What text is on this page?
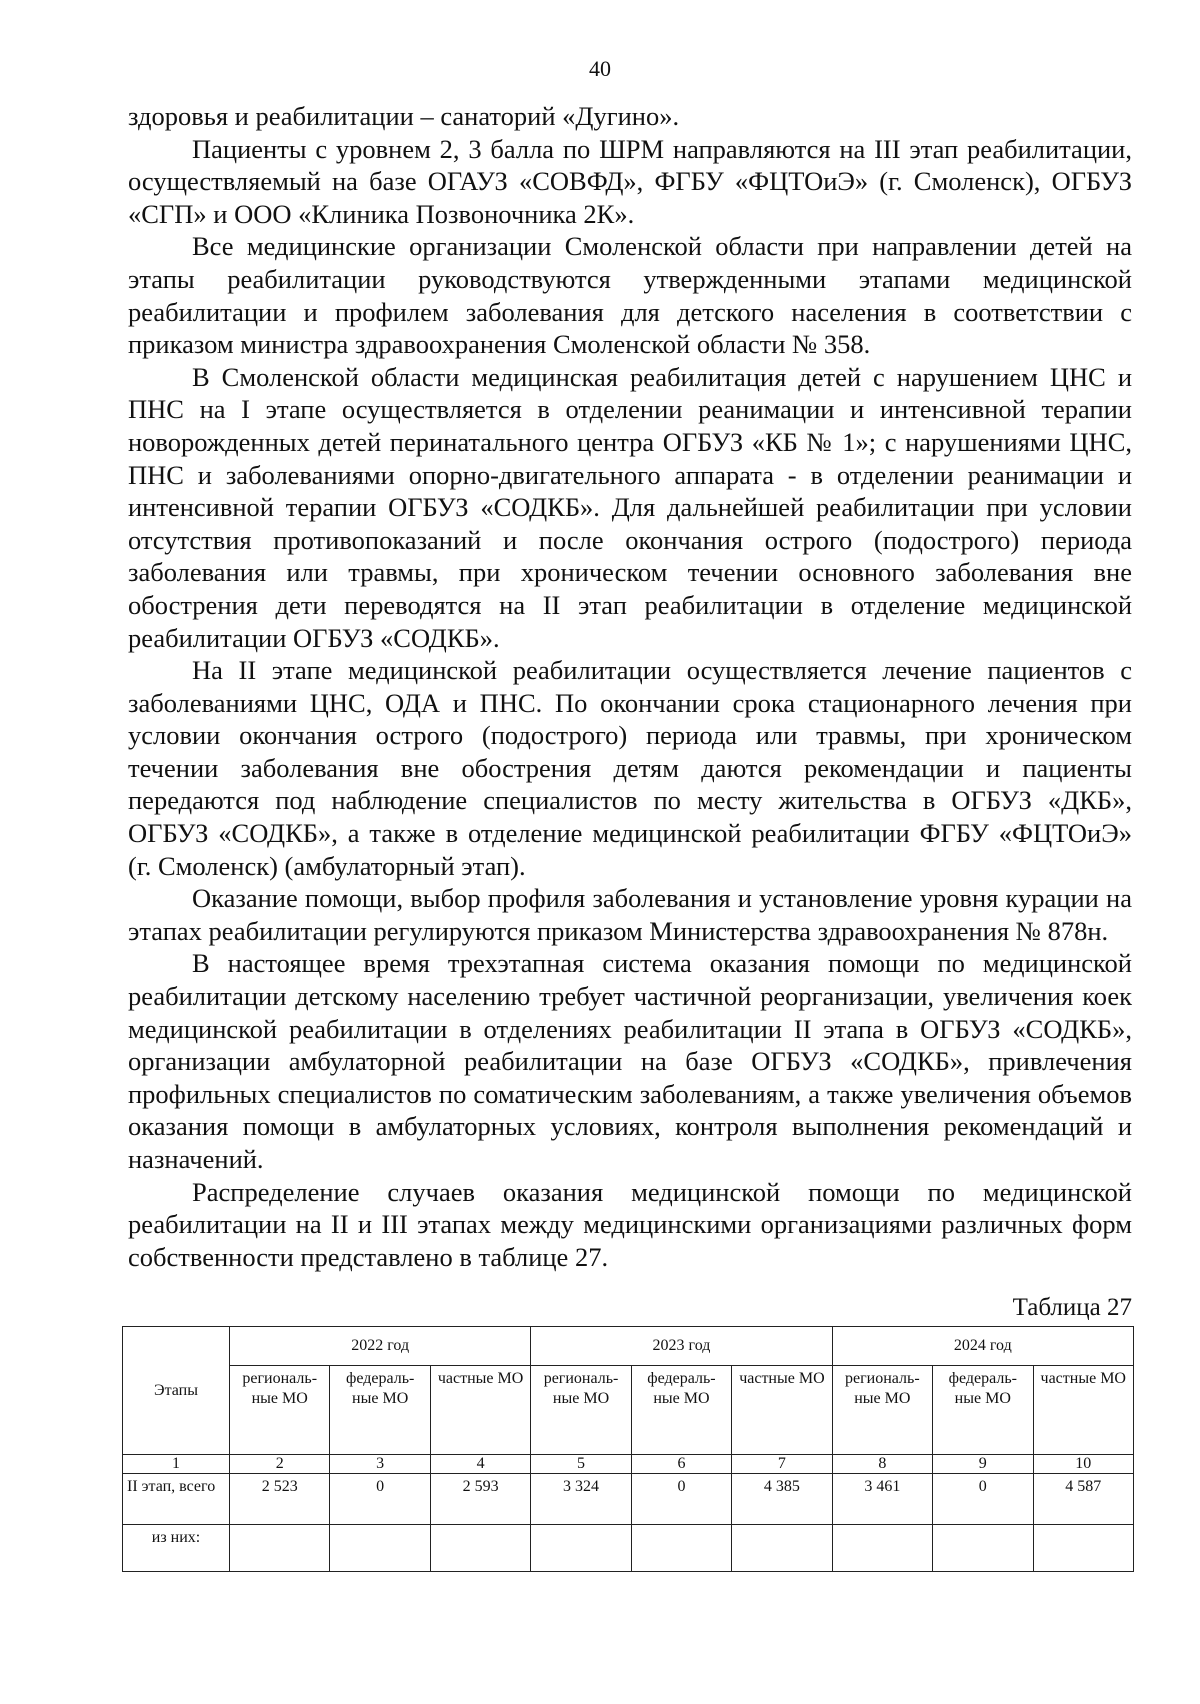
40

здоровья и реабилитации – санаторий «Дугино».

Пациенты с уровнем 2, 3 балла по ШРМ направляются на III этап реабилитации, осуществляемый на базе ОГАУЗ «СОВФД», ФГБУ «ФЦТОиЭ» (г. Смоленск), ОГБУЗ «СГП» и ООО «Клиника Позвоночника 2К».

Все медицинские организации Смоленской области при направлении детей на этапы реабилитации руководствуются утвержденными этапами медицинской реабилитации и профилем заболевания для детского населения в соответствии с приказом министра здравоохранения Смоленской области № 358.

В Смоленской области медицинская реабилитация детей с нарушением ЦНС и ПНС на I этапе осуществляется в отделении реанимации и интенсивной терапии новорожденных детей перинатального центра ОГБУЗ «КБ № 1»; с нарушениями ЦНС, ПНС и заболеваниями опорно-двигательного аппарата - в отделении реанимации и интенсивной терапии ОГБУЗ «СОДКБ». Для дальнейшей реабилитации при условии отсутствия противопоказаний и после окончания острого (подострого) периода заболевания или травмы, при хроническом течении основного заболевания вне обострения дети переводятся на II этап реабилитации в отделение медицинской реабилитации ОГБУЗ «СОДКБ».

На II этапе медицинской реабилитации осуществляется лечение пациентов с заболеваниями ЦНС, ОДА и ПНС. По окончании срока стационарного лечения при условии окончания острого (подострого) периода или травмы, при хроническом течении заболевания вне обострения детям даются рекомендации и пациенты передаются под наблюдение специалистов по месту жительства в ОГБУЗ «ДКБ», ОГБУЗ «СОДКБ», а также в отделение медицинской реабилитации ФГБУ «ФЦТОиЭ» (г. Смоленск) (амбулаторный этап).

Оказание помощи, выбор профиля заболевания и установление уровня курации на этапах реабилитации регулируются приказом Министерства здравоохранения № 878н.

В настоящее время трехэтапная система оказания помощи по медицинской реабилитации детскому населению требует частичной реорганизации, увеличения коек медицинской реабилитации в отделениях реабилитации II этапа в ОГБУЗ «СОДКБ», организации амбулаторной реабилитации на базе ОГБУЗ «СОДКБ», привлечения профильных специалистов по соматическим заболеваниям, а также увеличения объемов оказания помощи в амбулаторных условиях, контроля выполнения рекомендаций и назначений.

Распределение случаев оказания медицинской помощи по медицинской реабилитации на II и III этапах между медицинскими организациями различных форм собственности представлено в таблице 27.

Таблица 27
Этапы	2022 год			2023 год			2024 год		
	региональ-ные МО	федераль-ные МО	частные МО	региональ-ные МО	федераль-ные МО	частные МО	региональ-ные МО	федераль-ные МО	частные МО
1	2	3	4	5	6	7	8	9	10
II этап, всего	2 523	0	2 593	3 324	0	4 385	3 461	0	4 587
из них:									
